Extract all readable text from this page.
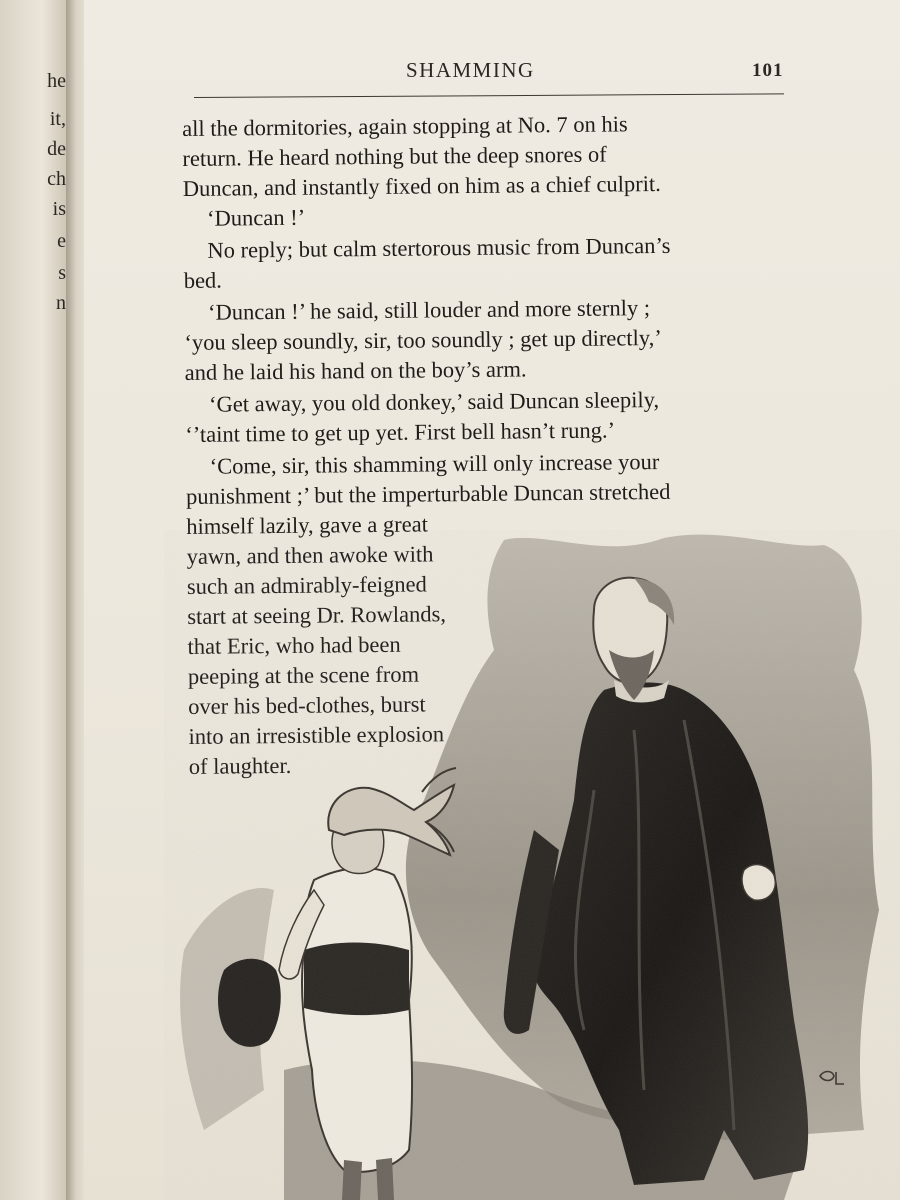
he
it,
de
ch
is
e
s
n
SHAMMING	101
all the dormitories, again stopping at No. 7 on his
return. He heard nothing but the deep snores of
Duncan, and instantly fixed on him as a chief culprit.
‘Duncan !’
No reply; but calm stertorous music from Duncan’s
bed.
‘Duncan !’ he said, still louder and more sternly ;
‘you sleep soundly, sir, too soundly ; get up directly,’
and he laid his hand on the boy’s arm.
‘Get away, you old donkey,’ said Duncan sleepily,
‘’taint time to get up yet. First bell hasn’t rung.’
‘Come, sir, this shamming will only increase your
punishment ;’ but the imperturbable Duncan stretched
himself lazily, gave a great
yawn, and then awoke with
such an admirably-feigned
start at seeing Dr. Rowlands,
that Eric, who had been
peeping at the scene from
over his bed-clothes, burst
into an irresistible explosion
of laughter.
